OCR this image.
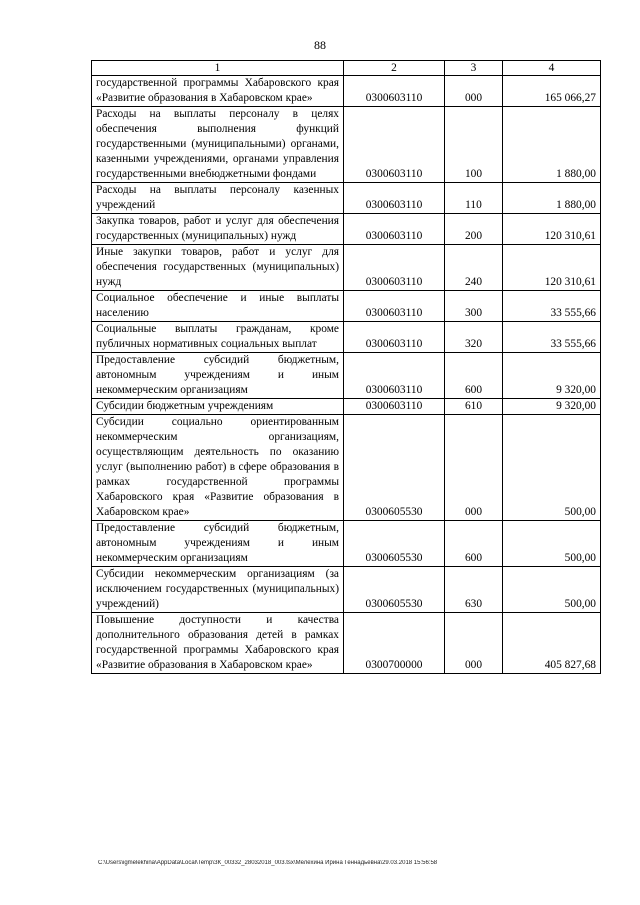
88
1	2	3	4
государственной программы Хабаровского края «Развитие образования в Хабаровском крае»	0300603110	000	165 066,27
Расходы на выплаты персоналу в целях обеспечения выполнения функций государственными (муниципальными) органами, казенными учреждениями, органами управления государственными внебюджетными фондами	0300603110	100	1 880,00
Расходы на выплаты персоналу казенных учреждений	0300603110	110	1 880,00
Закупка товаров, работ и услуг для обеспечения государственных (муниципальных) нужд	0300603110	200	120 310,61
Иные закупки товаров, работ и услуг для обеспечения государственных (муниципальных) нужд	0300603110	240	120 310,61
Социальное обеспечение и иные выплаты населению	0300603110	300	33 555,66
Социальные выплаты гражданам, кроме публичных нормативных социальных выплат	0300603110	320	33 555,66
Предоставление субсидий бюджетным, автономным учреждениям и иным некоммерческим организациям	0300603110	600	9 320,00
Субсидии бюджетным учреждениям	0300603110	610	9 320,00
Субсидии социально ориентированным некоммерческим организациям, осуществляющим деятельность по оказанию услуг (выполнению работ) в сфере образования в рамках государственной программы Хабаровского края «Развитие образования в Хабаровском крае»	0300605530	000	500,00
Предоставление субсидий бюджетным, автономным учреждениям и иным некоммерческим организациям	0300605530	600	500,00
Субсидии некоммерческим организациям (за исключением государственных (муниципальных) учреждений)	0300605530	630	500,00
Повышение доступности и качества дополнительного образования детей в рамках государственной программы Хабаровского края «Развитие образования в Хабаровском крае»	0300700000	000	405 827,68
C:\Users\igmelekhina\AppData\Local\Temp\ЗК_00332_28032018_003.tsx\Мелехина Ирина Геннадьевна\29.03.2018 15:56:58
